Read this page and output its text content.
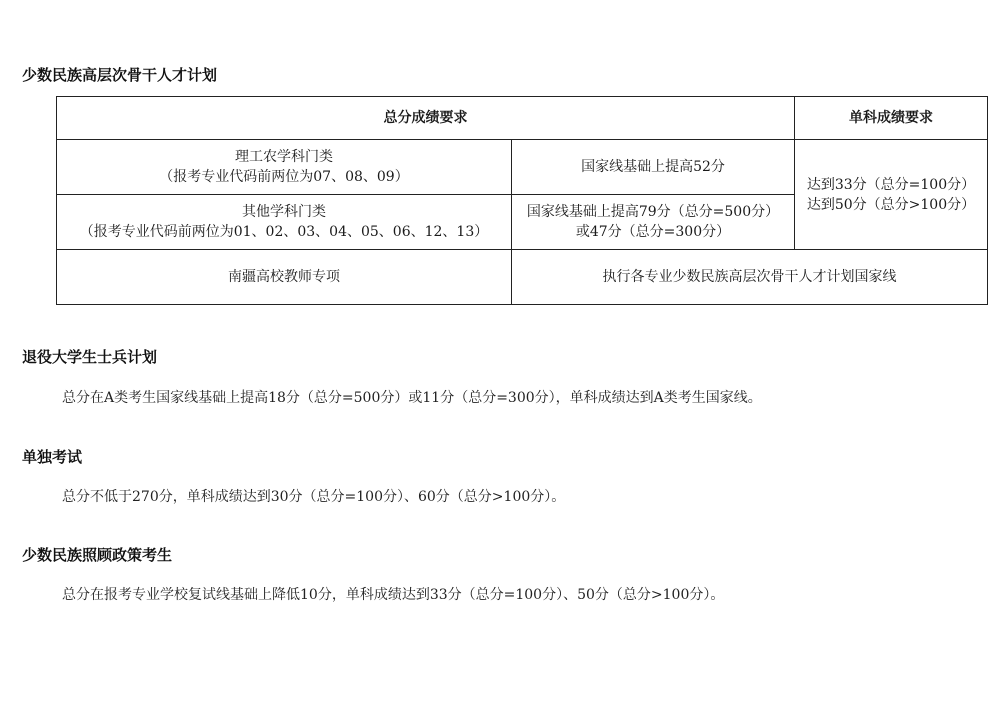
少数民族高层次骨干人才计划
总分成绩要求		单科成绩要求

理工农学科门类
（报考专业代码前两位为07、08、09）	国家线基础上提高52分	达到33分（总分=100分）
达到50分（总分>100分）

其他学科门类
（报考专业代码前两位为01、02、03、04、05、06、12、13）	国家线基础上提高79分（总分=500分）
或47分（总分=300分）	

南疆高校教师专项	执行各专业少数民族高层次骨干人才计划国家线	
退役大学生士兵计划
总分在A类考生国家线基础上提高18分（总分=500分）或11分（总分=300分），单科成绩达到A类考生国家线。
单独考试
总分不低于270分，单科成绩达到30分（总分=100分）、60分（总分>100分）。
少数民族照顾政策考生
总分在报考专业学校复试线基础上降低10分，单科成绩达到33分（总分=100分）、50分（总分>100分）。
